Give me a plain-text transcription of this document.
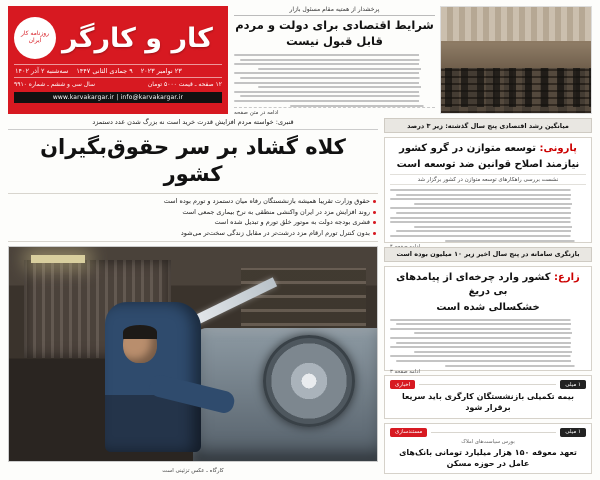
پرخشدار از همتیه مقام مسئول بازار
شرایط اقتصادی برای دولت و مردم قابل قبول نیست
ادامه در متن صفحه
کار و کارگر
روزنامه کار ایران
سه‌شنبه ۲ آذر ۱۴۰۲ ۹ جمادی الثانی ۱۴۴۷ ۲۳ نوامبر ۲۰۲۳
سال سی و ششم ـ شماره ۹۹۱۰	۱۲ صفحه ـ قیمت ۵۰۰۰ تومان
www.karvakargar.ir | info@karvakargar.ir
میانگین رشد اقتصادی پنج سال گذشته: زیر ۳ درصد
پارونی: توسعه متوازن در گرو کشور
نیازمند اصلاح قوانین ضد توسعه است
نشست بررسی راهکارهای توسعه متوازن در کشور برگزار شد
بازنگری سامانه در پنج سال اخیر زیر ۱۰ میلیون بوده است
زارع: کشور وارد چرخه‌ای از پیامدهای بی دریغ
خشکسالی شده است
ادامه صفحه ۳
اخباری	۱ میلی
بیمه تکمیلی بازنشستگان کارگری باید سریعا برقرار شود
مستندسازی	۱ میلی
بورس سیاست‌های املاک
تعهد معوقه ۱۵۰ هزار میلیارد تومانی بانک‌های عامل در حوزه مسکن
قنبری: خواسته مردم افزایش قدرت خرید است نه بزرگ شدن عدد دستمزد
کلاه گشاد بر سر حقوق‌بگیران کشور
حقوق وزارت تقریبا همیشه بازنشستگان رفاه میان دستمزد و تورم بوده است
روند افزایش مزد در ایران واکنشی منطقی به نرخ بیماری جمعی است
فشری بودجه دولت به موتور خلق تورم و تبدیل شده است
بدون کنترل تورم ارقام مزد درشت‌تر در مقابل زندگی سخت‌تر می‌شود
کارگاه ـ عکس تزئینی است
